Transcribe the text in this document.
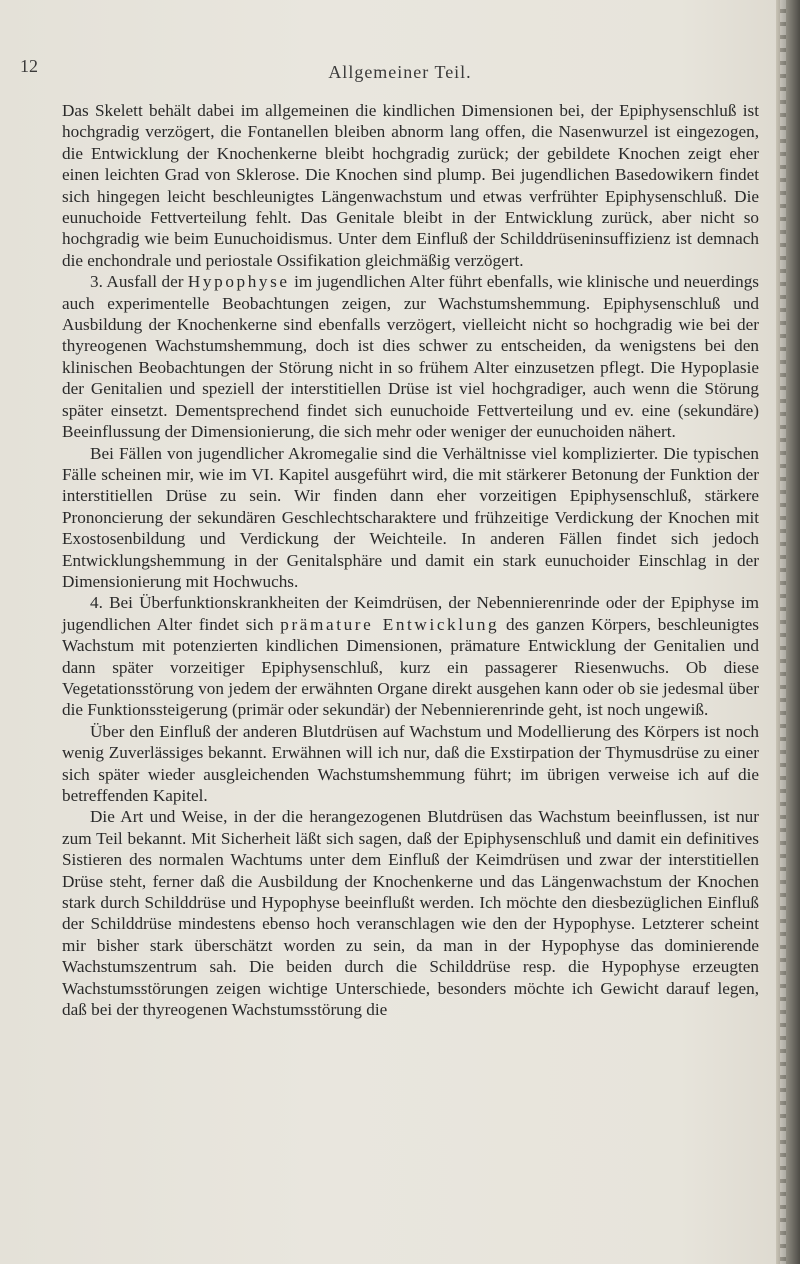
12	Allgemeiner Teil.

Das Skelett behält dabei im allgemeinen die kindlichen Dimensionen bei, der Epiphysenschluß ist hochgradig verzögert, die Fontanellen bleiben abnorm lang offen, die Nasenwurzel ist eingezogen, die Entwicklung der Knochenkerne bleibt hochgradig zurück; der gebildete Knochen zeigt eher einen leichten Grad von Sklerose. Die Knochen sind plump. Bei jugendlichen Basedowikern findet sich hingegen leicht beschleunigtes Längenwachstum und etwas verfrühter Epiphysenschluß. Die eunuchoide Fettverteilung fehlt. Das Genitale bleibt in der Entwicklung zurück, aber nicht so hochgradig wie beim Eunuchoidismus. Unter dem Einfluß der Schilddrüseninsuffizienz ist demnach die enchondrale und periostale Ossifikation gleichmäßig verzögert.

3. Ausfall der Hypophyse im jugendlichen Alter führt ebenfalls, wie klinische und neuerdings auch experimentelle Beobachtungen zeigen, zur Wachstumshemmung. Epiphysenschluß und Ausbildung der Knochenkerne sind ebenfalls verzögert, vielleicht nicht so hochgradig wie bei der thyreogenen Wachstumshemmung, doch ist dies schwer zu entscheiden, da wenigstens bei den klinischen Beobachtungen der Störung nicht in so frühem Alter einzusetzen pflegt. Die Hypoplasie der Genitalien und speziell der interstitiellen Drüse ist viel hochgradiger, auch wenn die Störung später einsetzt. Dementsprechend findet sich eunuchoide Fettverteilung und ev. eine (sekundäre) Beeinflussung der Dimensionierung, die sich mehr oder weniger der eunuchoiden nähert.

Bei Fällen von jugendlicher Akromegalie sind die Verhältnisse viel komplizierter. Die typischen Fälle scheinen mir, wie im VI. Kapitel ausgeführt wird, die mit stärkerer Betonung der Funktion der interstitiellen Drüse zu sein. Wir finden dann eher vorzeitigen Epiphysenschluß, stärkere Prononcierung der sekundären Geschlechtscharaktere und frühzeitige Verdickung der Knochen mit Exostosenbildung und Verdickung der Weichteile. In anderen Fällen findet sich jedoch Entwicklungshemmung in der Genitalsphäre und damit ein stark eunuchoider Einschlag in der Dimensionierung mit Hochwuchs.

4. Bei Überfunktionskrankheiten der Keimdrüsen, der Nebennierenrinde oder der Epiphyse im jugendlichen Alter findet sich prämature Entwicklung des ganzen Körpers, beschleunigtes Wachstum mit potenzierten kindlichen Dimensionen, prämature Entwicklung der Genitalien und dann später vorzeitiger Epiphysenschluß, kurz ein passagerer Riesenwuchs. Ob diese Vegetationsstörung von jedem der erwähnten Organe direkt ausgehen kann oder ob sie jedesmal über die Funktionssteigerung (primär oder sekundär) der Nebennierenrinde geht, ist noch ungewiß.

Über den Einfluß der anderen Blutdrüsen auf Wachstum und Modellierung des Körpers ist noch wenig Zuverlässiges bekannt. Erwähnen will ich nur, daß die Exstirpation der Thymusdrüse zu einer sich später wieder ausgleichenden Wachstumshemmung führt; im übrigen verweise ich auf die betreffenden Kapitel.

Die Art und Weise, in der die herangezogenen Blutdrüsen das Wachstum beeinflussen, ist nur zum Teil bekannt. Mit Sicherheit läßt sich sagen, daß der Epiphysenschluß und damit ein definitives Sistieren des normalen Wachtums unter dem Einfluß der Keimdrüsen und zwar der interstitiellen Drüse steht, ferner daß die Ausbildung der Knochenkerne und das Längenwachstum der Knochen stark durch Schilddrüse und Hypophyse beeinflußt werden. Ich möchte den diesbezüglichen Einfluß der Schilddrüse mindestens ebenso hoch veranschlagen wie den der Hypophyse. Letzterer scheint mir bisher stark überschätzt worden zu sein, da man in der Hypophyse das dominierende Wachstumszentrum sah. Die beiden durch die Schilddrüse resp. die Hypophyse erzeugten Wachstumsstörungen zeigen wichtige Unterschiede, besonders möchte ich Gewicht darauf legen, daß bei der thyreogenen Wachstumsstörung die
